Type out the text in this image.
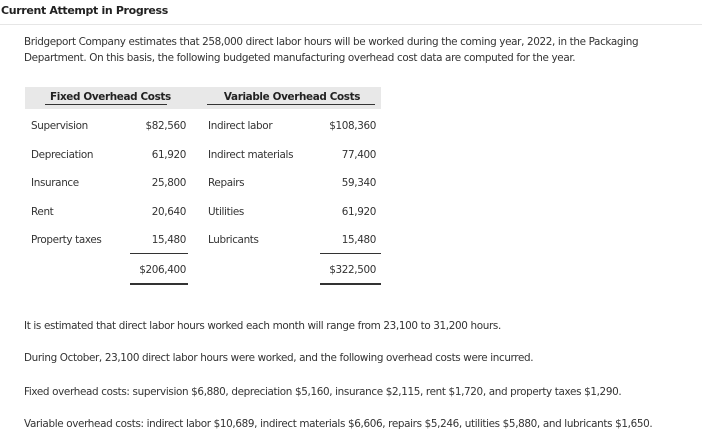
Current Attempt in Progress

Bridgeport Company estimates that 258,000 direct labor hours will be worked during the coming year, 2022, in the Packaging

Department. On this basis, the following budgeted manufacturing overhead cost data are computed for the year.

Fixed Overhead Costs	Variable Overhead Costs
Supervision	$82,560 Indirect labor	$108,360
Depreciation	61,920 Indirect materials	77,400
Insurance	25,800 Repairs	59,340
Rent	20,640 Utilities	61,920
Property taxes	15,480 Lubricants	15,480
$206,400	$322,500
It is estimated that direct labor hours worked each month will range from 23,100 to 31,200 hours.
During October, 23,100 direct labor hours were worked, and the following overhead costs were incurred.
Fixed overhead costs: supervision $6,880, depreciation $5,160, insurance $2,115, rent $1,720, and property taxes $1,290.
Variable overhead costs: indirect labor $10,689, indirect materials $6,606, repairs $5,246, utilities $5,880, and lubricants $1,650.
